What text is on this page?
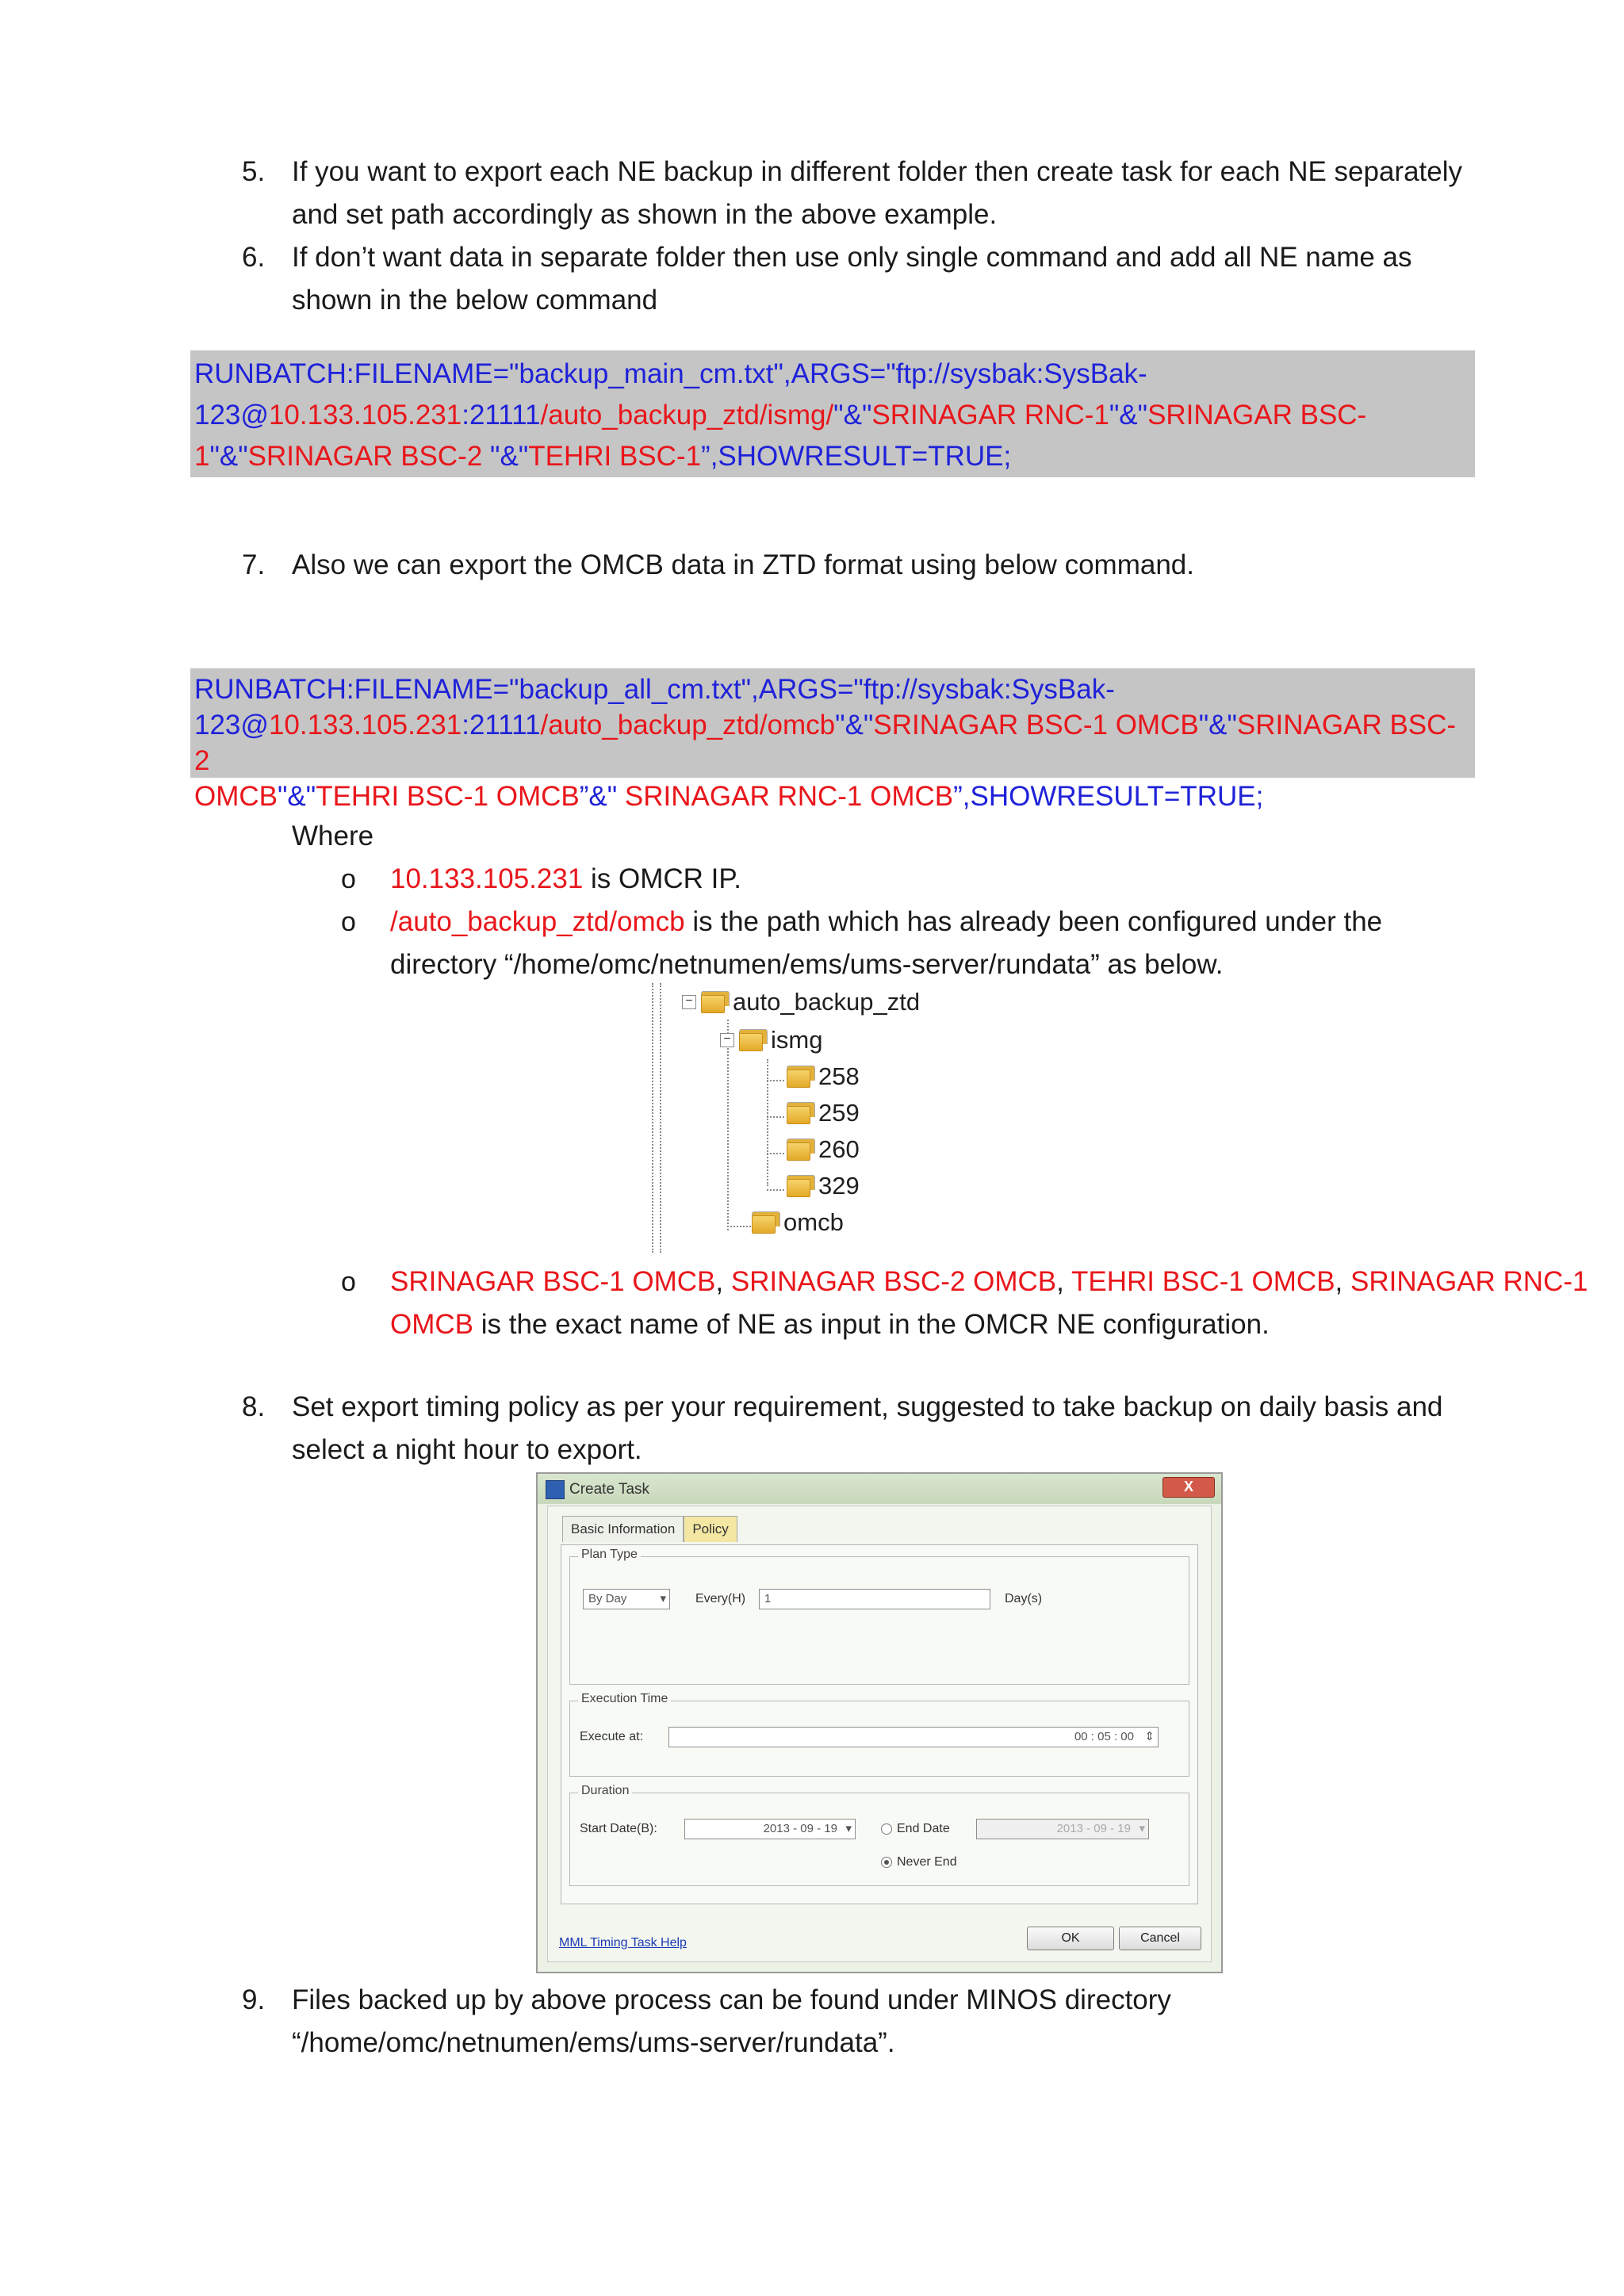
5. If you want to export each NE backup in different folder then create task for each NE separately
and set path accordingly as shown in the above example.
6. If don’t want data in separate folder then use only single command and add all NE name as
shown in the below command
RUNBATCH:FILENAME="backup_main_cm.txt",ARGS="ftp://sysbak:SysBak-
123@10.133.105.231:21111/auto_backup_ztd/ismg/"&"SRINAGAR RNC-1"&"SRINAGAR BSC-
1"&"SRINAGAR BSC-2 "&"TEHRI BSC-1”,SHOWRESULT=TRUE;
7. Also we can export the OMCB data in ZTD format using below command.
RUNBATCH:FILENAME="backup_all_cm.txt",ARGS="ftp://sysbak:SysBak-
123@10.133.105.231:21111/auto_backup_ztd/omcb"&"SRINAGAR BSC-1 OMCB"&"SRINAGAR BSC-2
OMCB"&"TEHRI BSC-1 OMCB”&" SRINAGAR RNC-1 OMCB”,SHOWRESULT=TRUE;
Where
o 10.133.105.231 is OMCR IP.
o /auto_backup_ztd/omcb is the path which has already been configured under the
directory “/home/omc/netnumen/ems/ums-server/rundata” as below.
− auto_backup_ztd
− ismg
258
259
260
329
omcb
o SRINAGAR BSC-1 OMCB, SRINAGAR BSC-2 OMCB, TEHRI BSC-1 OMCB, SRINAGAR RNC-1
OMCB is the exact name of NE as input in the OMCR NE configuration.
8. Set export timing policy as per your requirement, suggested to take backup on daily basis and
select a night hour to export.
Create Task	X
Basic Information	Policy
Plan Type
By Day	▾ Every(H)	1	Day(s)
Execution Time
Execute at:	00 : 05 : 00 ⇕
Duration
Start Date(B):	2013 - 09 - 19 ▾	End Date	2013 - 09 - 19 ▾
Never End
MML Timing Task Help	OK	Cancel
9. Files backed up by above process can be found under MINOS directory
“/home/omc/netnumen/ems/ums-server/rundata”.
